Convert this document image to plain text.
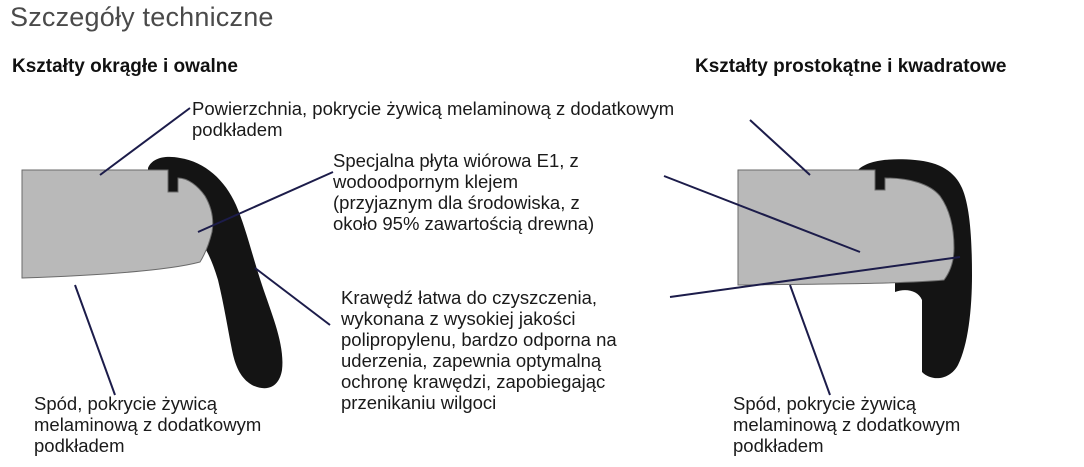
Szczegóły techniczne
Kształty okrągłe i owalne	Kształty prostokątne i kwadratowe
Powierzchnia, pokrycie żywicą melaminową z dodatkowym
podkładem
Specjalna płyta wiórowa E1, z
wodoodpornym klejem
(przyjaznym dla środowiska, z
około 95% zawartością drewna)
Krawędź łatwa do czyszczenia,
wykonana z wysokiej jakości
polipropylenu, bardzo odporna na
uderzenia, zapewnia optymalną
ochronę krawędzi, zapobiegając
przenikaniu wilgoci
Spód, pokrycie żywicą
melaminową z dodatkowym
podkładem
Spód, pokrycie żywicą
melaminową z dodatkowym
podkładem
